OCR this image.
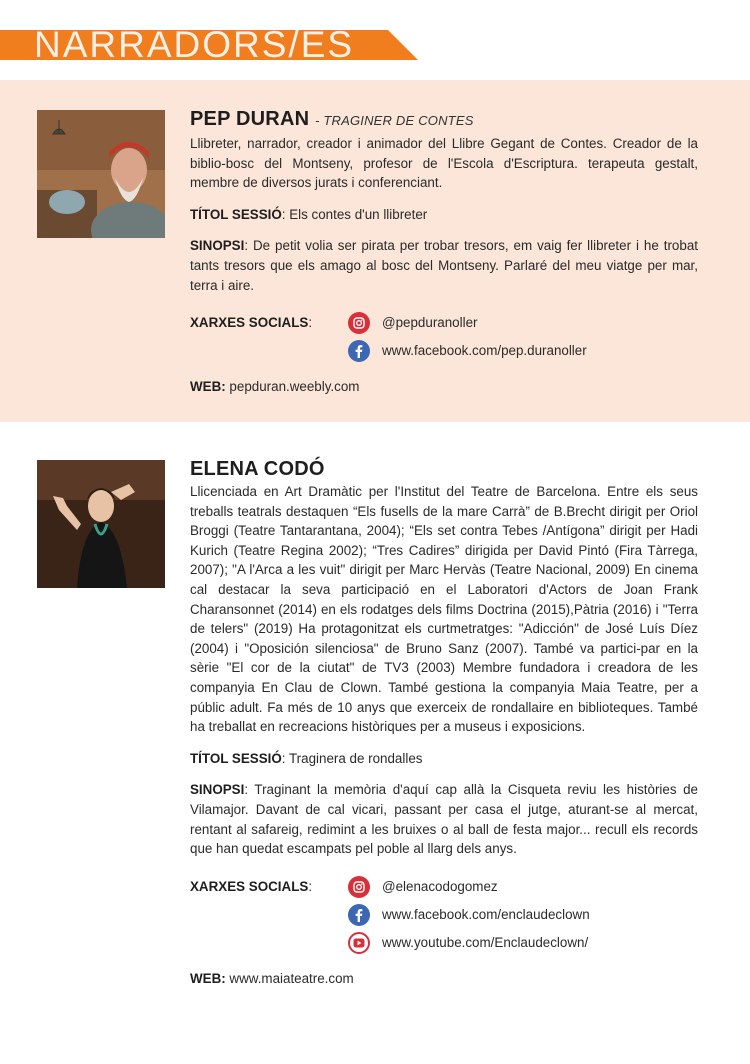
NARRADORS/ES
PEP DURAN - TRAGINER DE CONTES

Llibreter, narrador, creador i animador del Llibre Gegant de Contes. Creador de la biblio-bosc del Montseny, profesor de l'Escola d'Escriptura. terapeuta gestalt, membre de diversos jurats i conferenciant.

TÍTOL SESSIÓ: Els contes d'un llibreter

SINOPSI: De petit volia ser pirata per trobar tresors, em vaig fer llibreter i he trobat tants tresors que els amago al bosc del Montseny. Parlaré del meu viatge per mar, terra i aire.

XARXES SOCIALS:	@pepduranoller
www.facebook.com/pep.duranoller
WEB: pepduran.weebly.com
ELENA CODÓ

Llicenciada en Art Dramàtic per l'Institut del Teatre de Barcelona. Entre els seus treballs teatrals destaquen “Els fusells de la mare Carrà” de B.Brecht dirigit per Oriol Broggi (Teatre Tantarantana, 2004); “Els set contra Tebes /Antígona” dirigit per Hadi Kurich (Teatre Regina 2002); “Tres Cadires” dirigida per David Pintó (Fira Tàrrega, 2007); "A l'Arca a les vuit" dirigit per Marc Hervàs (Teatre Nacional, 2009) En cinema cal destacar la seva participació en el Laboratori d'Actors de Joan Frank Charansonnet (2014) en els rodatges dels films Doctrina (2015),Pàtria (2016) i "Terra de telers" (2019) Ha protagonitzat els curtmetratges: "Adicción" de José Luís Díez (2004) i "Oposición silenciosa" de Bruno Sanz (2007). També va partici-par en la sèrie "El cor de la ciutat" de TV3 (2003) Membre fundadora i creadora de les companyia En Clau de Clown. També gestiona la companyia Maia Teatre, per a públic adult. Fa més de 10 anys que exerceix de rondallaire en biblioteques. També ha treballat en recreacions històriques per a museus i exposicions.

TÍTOL SESSIÓ: Traginera de rondalles

SINOPSI: Traginant la memòria d'aquí cap allà la Cisqueta reviu les històries de Vilamajor. Davant de cal vicari, passant per casa el jutge, aturant-se al mercat, rentant al safareig, redimint a les bruixes o al ball de festa major... recull els records que han quedat escampats pel poble al llarg dels anys.

XARXES SOCIALS:	@elenacodogomez
www.facebook.com/enclaudeclown
www.youtube.com/Enclaudeclown/
WEB: www.maiateatre.com
